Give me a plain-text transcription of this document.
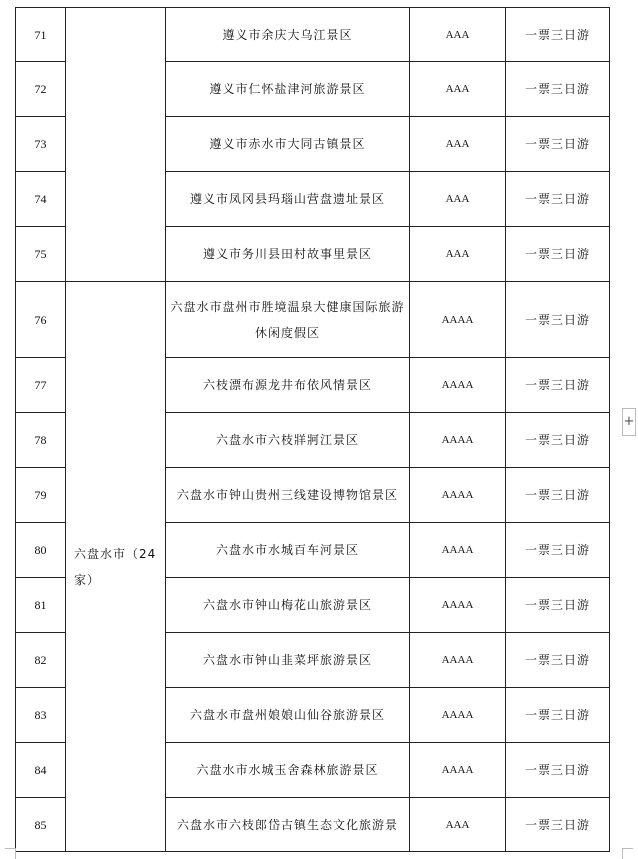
71		遵义市余庆大乌江景区	AAA	一票三日游
72		遵义市仁怀盐津河旅游景区	AAA	一票三日游
73		遵义市赤水市大同古镇景区	AAA	一票三日游
74		遵义市凤冈县玛瑙山营盘遗址景区	AAA	一票三日游
75		遵义市务川县田村故事里景区	AAA	一票三日游
76	六盘水市（24家）	六盘水市盘州市胜境温泉大健康国际旅游休闲度假区	AAAA	一票三日游
77		六枝漂布源龙井布依风情景区	AAAA	一票三日游
78		六盘水市六枝牂牁江景区	AAAA	一票三日游
79		六盘水市钟山贵州三线建设博物馆景区	AAAA	一票三日游
80		六盘水市水城百车河景区	AAAA	一票三日游
81		六盘水市钟山梅花山旅游景区	AAAA	一票三日游
82		六盘水市钟山韭菜坪旅游景区	AAAA	一票三日游
83		六盘水市盘州娘娘山仙谷旅游景区	AAAA	一票三日游
84		六盘水市水城玉舍森林旅游景区	AAAA	一票三日游
85		六盘水市六枝郎岱古镇生态文化旅游景	AAA	一票三日游
+
